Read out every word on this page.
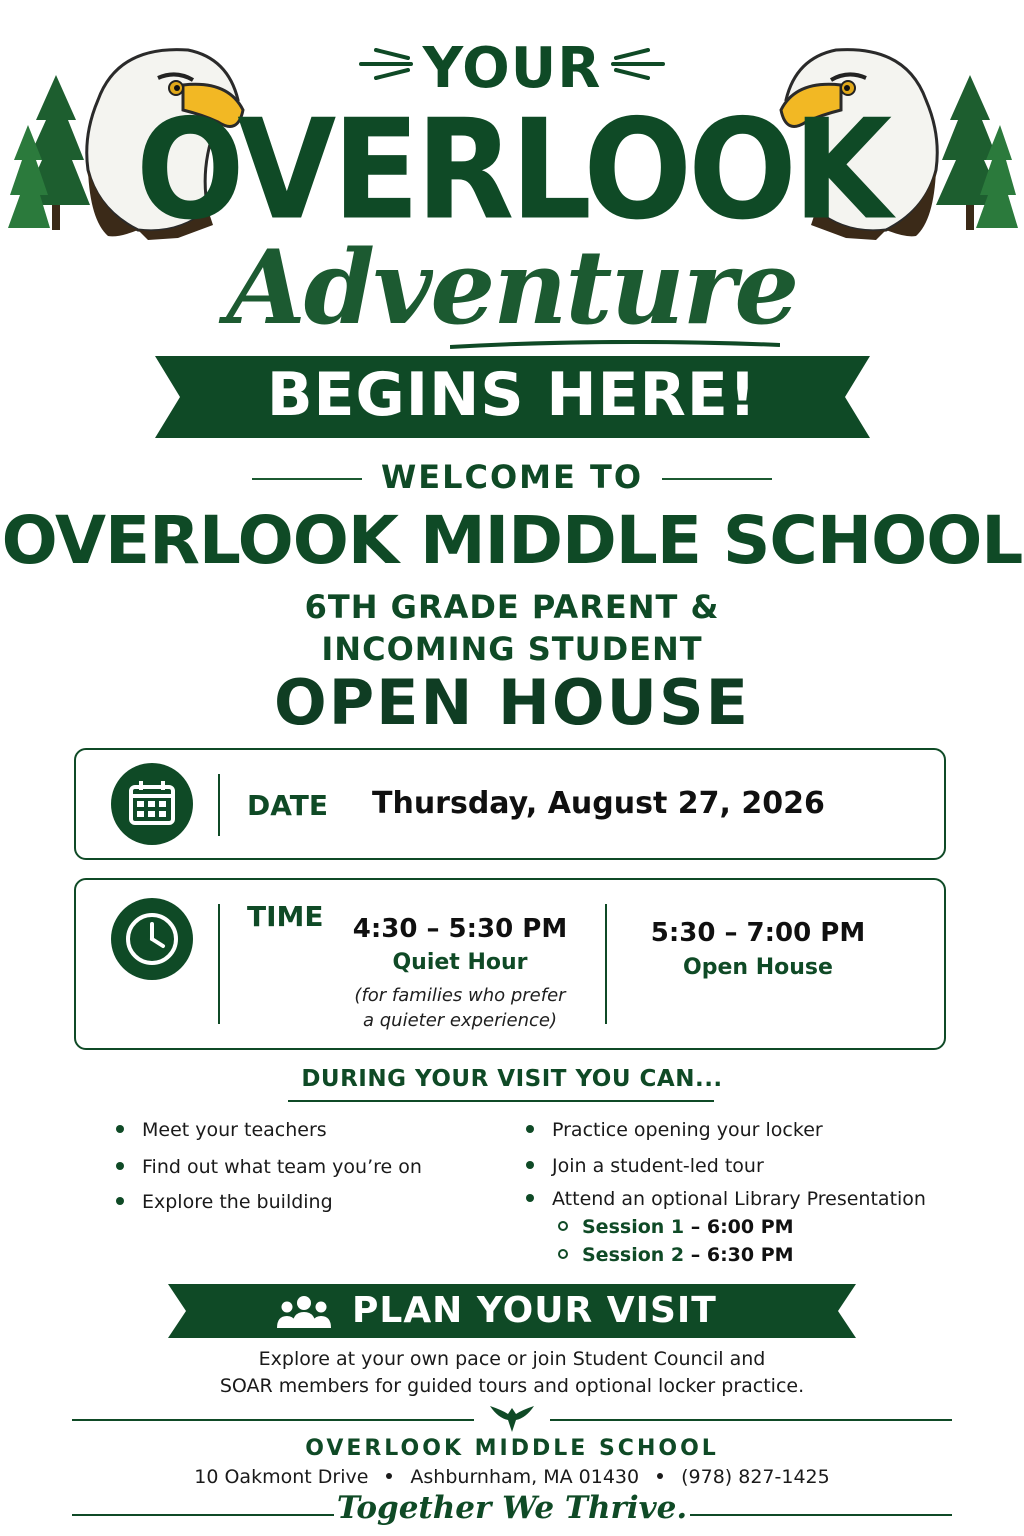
YOUR
OVERLOOK
Adventure
BEGINS HERE!
WELCOME TO
OVERLOOK MIDDLE SCHOOL
6TH GRADE PARENT &
INCOMING STUDENT
OPEN HOUSE
DATE Thursday, August 27, 2026
TIME	4:30 – 5:30 PM
Quiet Hour
(for families who prefer
a quieter experience)
5:30 – 7:00 PM
Open House
DURING YOUR VISIT YOU CAN...
Meet your teachers
Find out what team you’re on
Explore the building
Practice opening your locker
Join a student-led tour
Attend an optional Library Presentation
Session 1 – 6:00 PM
Session 2 – 6:30 PM
PLAN YOUR VISIT
Explore at your own pace or join Student Council and
SOAR members for guided tours and optional locker practice.
OVERLOOK MIDDLE SCHOOL
10 Oakmont Drive Ashburnham, MA 01430 (978) 827-1425
Together We Thrive.
